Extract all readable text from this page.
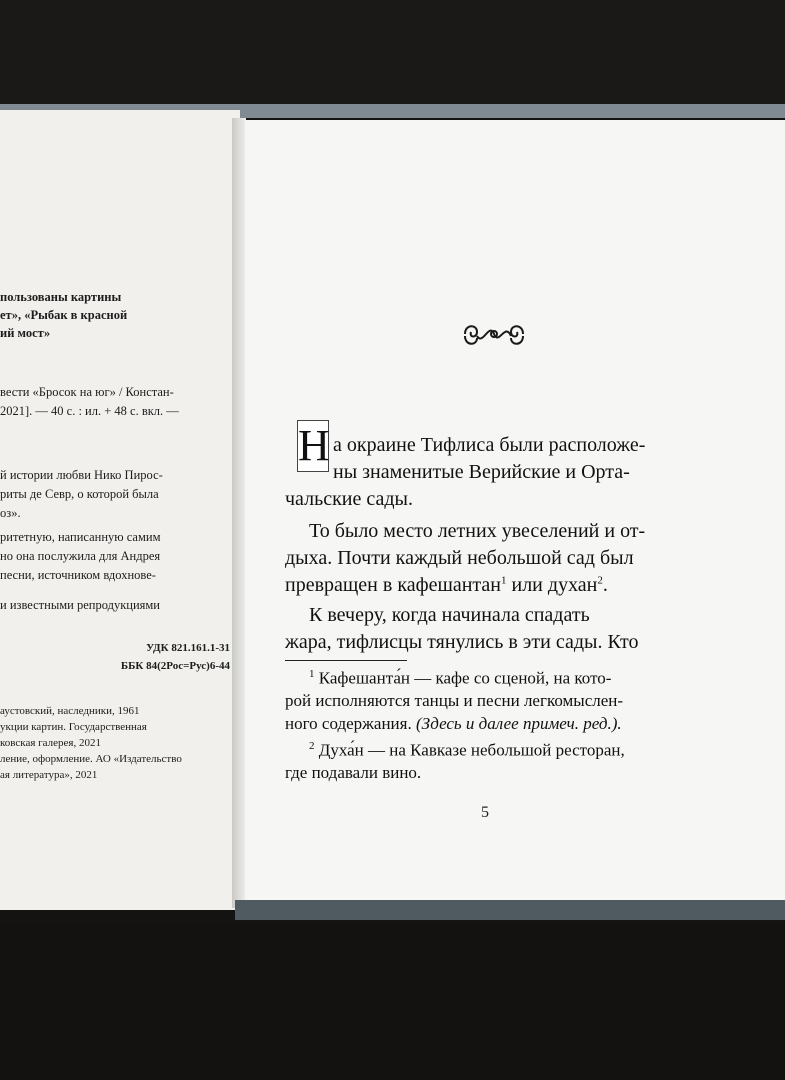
пользованы картины
ет», «Рыбак в красной
ий мост»
вести «Бросок на юг» / Констан-
2021]. — 40 с. : ил. + 48 с. вкл. —
й истории любви Нико Пирос-
риты де Севр, о которой была
оз».
ритетную, написанную самим
но она послужила для Андрея
песни, источником вдохнове-
и известными репродукциями
УДК 821.161.1-31
ББК 84(2Рос=Рус)6-44
аустовский, наследники, 1961
укции картин. Государственная
ковская галерея, 2021
ление, оформление. АО «Издательство
ая литература», 2021
Н а окраине Тифлиса были расположе-
ны знаменитые Верийские и Орта-
чальские сады.
То было место летних увеселений и от-
дыха. Почти каждый небольшой сад был
превращен в кафешантан$^1$ или духан$^2$.
К вечеру, когда начинала спадать
жара, тифлисцы тянулись в эти сады. Кто
$^1$ Кафешанта́н — кафе со сценой, на кото-
рой исполняются танцы и песни легкомыслен-
ного содержания. (Здесь и далее примеч. ред.).
$^2$ Духа́н — на Кавказе небольшой ресторан,
где подавали вино.
5
